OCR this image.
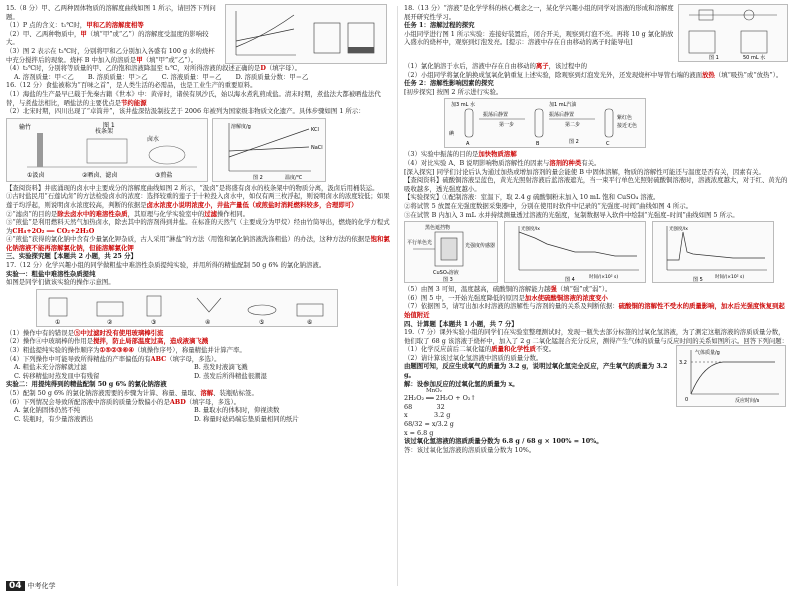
15.（8 分）甲、乙两种固体物质的溶解度曲线如图 1 所示，请回答下列问题。

（1）P 点的含义：t₁℃时，甲和乙的溶解度相等

（2）甲、乙两种物质中，甲（填“甲”或“乙”）的溶解度受温度的影响较大。

（3）图 2 表示在 t₂℃时，分别将甲和乙分别加入各盛有 100 g 水的烧杯中充分搅拌后的现象。烧杯 B 中加入的溶质是甲（填“甲”或“乙”）。

（4）t₂℃时，分别将等质量的甲、乙的饱和溶液降温至 t₁℃，对所得溶液的叙述正确的是D（填字母）。

A. 溶剂质量：甲＜乙 B. 溶质质量：甲＞乙 C. 溶液质量：甲＝乙 D. 溶质质量分数：甲＝乙

16.（12 分）食盐被称为“百味之首”，是人类生活的必需品，也是工业生产的重要原料。

（1）海盐的生产最早已载于先秦古籍《世本》中：黄帝时，诸侯有夙沙氏，始以海水煮乳煎成盐。清末时期，煮盐法大都被晒盐法代替，与煮盐法相比，晒盐法的主要优点是节约能源

（2）北宋时期，四川出现了“卓筒井”，该井盐深钻汲制技艺于 2006 年被列为国家级非物质文化遗产。具体步骤如图 1 所示：

输竹
枝条架
卤水
①汲卤	②晒卤、滤卤	③煎盐
图 1	溶解度/g	KCl
NaCl
温度/℃
图 2

【查阅资料】井底涌现的卤水中主要成分的溶解度曲线如图 2 所示，“汲卤”是将盛有卤水的枝条架中的物质分离，汲卤后用桶装运。

①古时盐民用“石莲试卤”的方法检验卤水的浓度：选择较重的莲子于十粒投入卤水中，如仅有两三枚浮起，则说明卤水的浓度较低；如果莲子均浮起，则说明卤水浓度较高，判断的依据是卤水浓度小说明浓度小，井盐产量低（或煎盐时消耗燃料较多，合理即可）

②“滤卤”的目的是除去卤水中的难溶性杂质，其原理与化学实验室中的过滤操作相同。

③“煎盐”是利用燃料天然气加热卤水，除去其中的溶剂得到井盐。在标准的天然气（主要成分为甲烷）经由竹筒导出，燃烧的化学方程式为CH₄+2O₂ ══ CO₂+2H₂O

④“煎盐”获得的氯化钠中含有少量氯化钾杂质，古人采用“淋盐”的方法（用饱和氯化钠溶液洗涤粗盐）的办法，这种方法的依据是饱和氯化钠溶液不能再溶解氯化钠，但能溶解氯化钾

三、实验探究题【本题共 2 小题，共 25 分】

17.（12 分）化学兴趣小组的同学做粗盐中难溶性杂质提纯实验，并用所得的精盐配制 50 g 6% 的氯化钠溶液。

实验一：粗盐中难溶性杂质提纯

如图是同学们做该实验的操作示意图。

①	②	③	④	⑤	⑥

（1）操作中有的错误是⑤中过滤时没有使用玻璃棒引流

（2）操作④中玻璃棒的作用是搅拌，防止局部温度过高，造成液滴飞溅

（3）粗盐提纯实验的操作顺序为①⑤②③⑥④（填操作序号），称量精盐并计算产率。

（4）下列操作中可能导致所得精盐的产率偏低的有ABC（填字母，多选）。

A. 粗盐未充分溶解就过滤	B. 蒸发时液滴飞溅
C. 转移精盐时蒸发皿中有残留	D. 蒸发后所得精盐很潮湿

实验二：用提纯得到的精盐配制 50 g 6% 的氯化钠溶液

（5）配制 50 g 6% 的氯化钠溶液需要的步骤为计算、称量、量取、溶解、装瓶贴标签。

（6）下列情况会导致所配溶液中溶质的质量分数偏小的是ABD（填字母，多选）。

A. 氯化钠固体仍然不纯	B. 量取水的体积时，仰视读数
C. 装瓶时，有少量溶液洒出	D. 称量时砝码端忘垫质量相同的纸片

18.（13 分）“溶液”是化学学科的核心概念之一，某化学兴趣小组的同学对溶液的形成和溶解度展开研究性学习。

任务 1：溶解过程的探究

小组同学进行图 1 所示实验：连接好装置后，闭合开关，观察到灯泡不亮。再将 10 g 氯化钠放入盛水的烧杯中，观察到灯泡发亮。[提示：溶液中存在自由移动的离子时能导电]

50 mL 水
图 1

（1）氯化钠溶于水后，溶液中存在自由移动的离子，该过程中的

（2）小组同学将氯化钠换成氢氧化钠重复上述实验，除观察到灯泡发光外，还发现烧杯中导管右端的液面放热（填“吸热”或“放热”）。

任务 2：溶解性影响因素的探究

[初步探究] 按图 2 所示进行实验。

加3 mL 水
振荡后静置
第一步
加1 mL汽油
第二步
振荡后静置	紫红色
接近无色
碘
A	B	C
图 2

（3）实验中振荡的目的是加快物质溶解

（4）对比实验 A、B 说明影响物质溶解性的因素与溶剂的种类有关。

[深入探究] 同学们讨论后认为通过加热或增加溶剂的量会能使 B 中固体溶解，物质的溶解性可能还与温度是否有关，因素有关。

【查阅资料】硫酸铜溶液呈蓝色，黄光光照射溶液后蓝溶液遮光，当一束平行单色光照射硫酸铜溶液时，溶液浓度越大，对于红、黄光的吸收越多，透光强度越小。

【实验探究】①配制溶液：室温下，取 2.4 g 硫酸铜粉末加入 10 mL 饱和 CuSO₄ 溶液。

②将试管 5 放置在光强度数据采集器中，分别在使用时软件中记录的“光强度–时间”曲线如图 4 所示。

③在试管 B 内加入 3 mL 水并持续测量透过溶液的光强度，复制数据导入软件中绘制“光强度–时间”曲线如图 5 所示。

黑色遮挡物
平行单色光	光强度传感器
CuSO₄溶液
图 3
光强度/lx
时间/(×10² s)
图 4
光强度/lx
时间/(×10² s)
图 5

（5）由图 3 可知，温度越高，硫酸铜的溶解能力越强（填“强”或“弱”）。

（6）图 5 中，一开始光强度降低的原因是加水使硫酸铜溶液的浓度变小

（7）依据图 5，请写出加水时溶液的溶解性与溶剂的量的关系及判断依据：硫酸铜的溶解性不受水的质量影响，加水后光强度恢复到起始值附近

四、计算题【本题共 1 小题，共 7 分】

19.（7 分）课外实验小组的同学们在实验室整理测试时，发现一瓶失去部分标签的过氧化氢溶液，为了测定这瓶溶液的溶质质量分数，他们取了 68 g 该溶液于烧杯中，加入了 2 g 二氧化锰混合充分反应，测得产生气体的质量与反应时间的关系如图所示。回答下列问题：

（1）化学反应前后二氧化锰的质量和化学性质不变。

（2）请计算该过氧化氢溶液中溶质的质量分数。

由题图可知，反应生成氧气的质量为 3.2 g，说明过氧化氢完全反应，产生氧气的质量为 3.2 g。

解：设参加反应的过氧化氢的质量为 x。

MnO₂

2H₂O₂ ══ 2H₂O + O₂↑

68            32

x             3.2 g

68/32 = x/3.2 g

x = 6.8 g

该过氧化氢溶液的溶质质量分数为 6.8 g / 68 g × 100% = 10%。

答：该过氧化氢溶液的溶质质量分数为 10%。

3.2
0
气体质量/g
反应时间/s
04 中考化学
